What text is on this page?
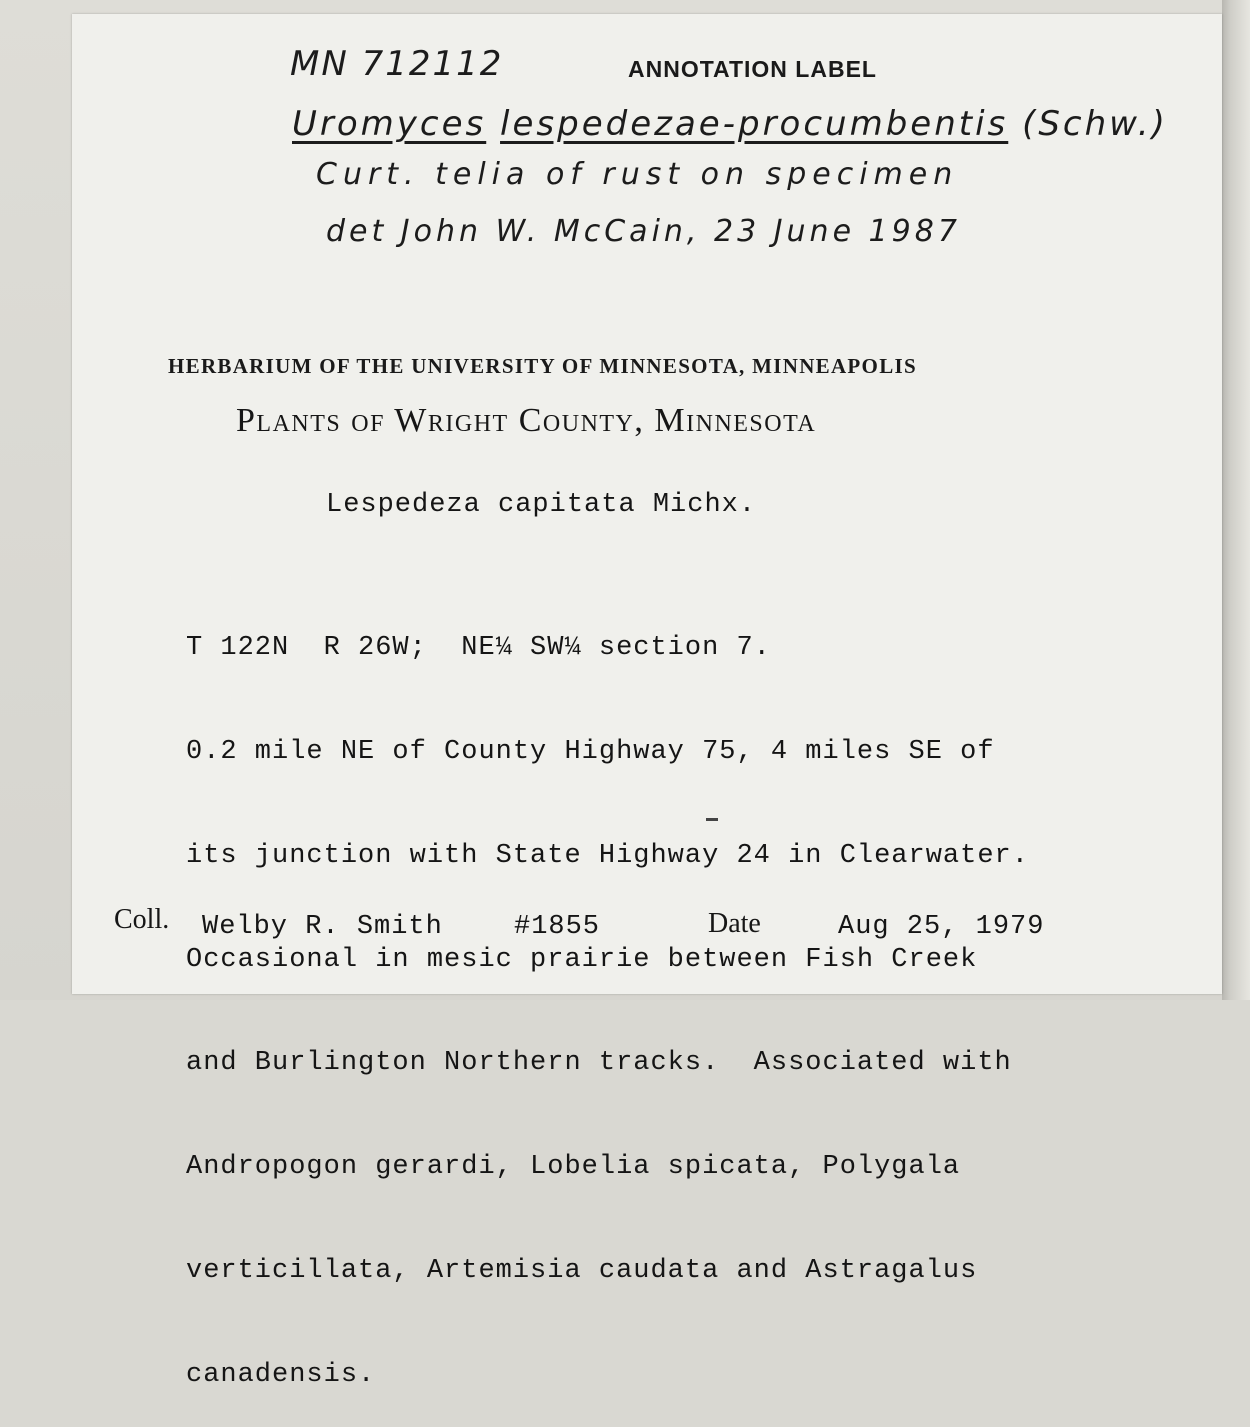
MN 712112	ANNOTATION LABEL
Uromyces lespedezae-procumbentis (Schw.)
Curt. telia of rust on specimen
det John W. McCain, 23 June 1987
HERBARIUM OF THE UNIVERSITY OF MINNESOTA, MINNEAPOLIS
Plants of Wright County, Minnesota
Lespedeza capitata Michx.

T 122N  R 26W;  NE¼ SW¼ section 7.

0.2 mile NE of County Highway 75, 4 miles SE of

its junction with State Highway 24 in Clearwater.

Occasional in mesic prairie between Fish Creek

and Burlington Northern tracks.  Associated with

Andropogon gerardi, Lobelia spicata, Polygala

verticillata, Artemisia caudata and Astragalus

canadensis.

Coll. Welby R. Smith	#1855	Date	Aug 25, 1979
